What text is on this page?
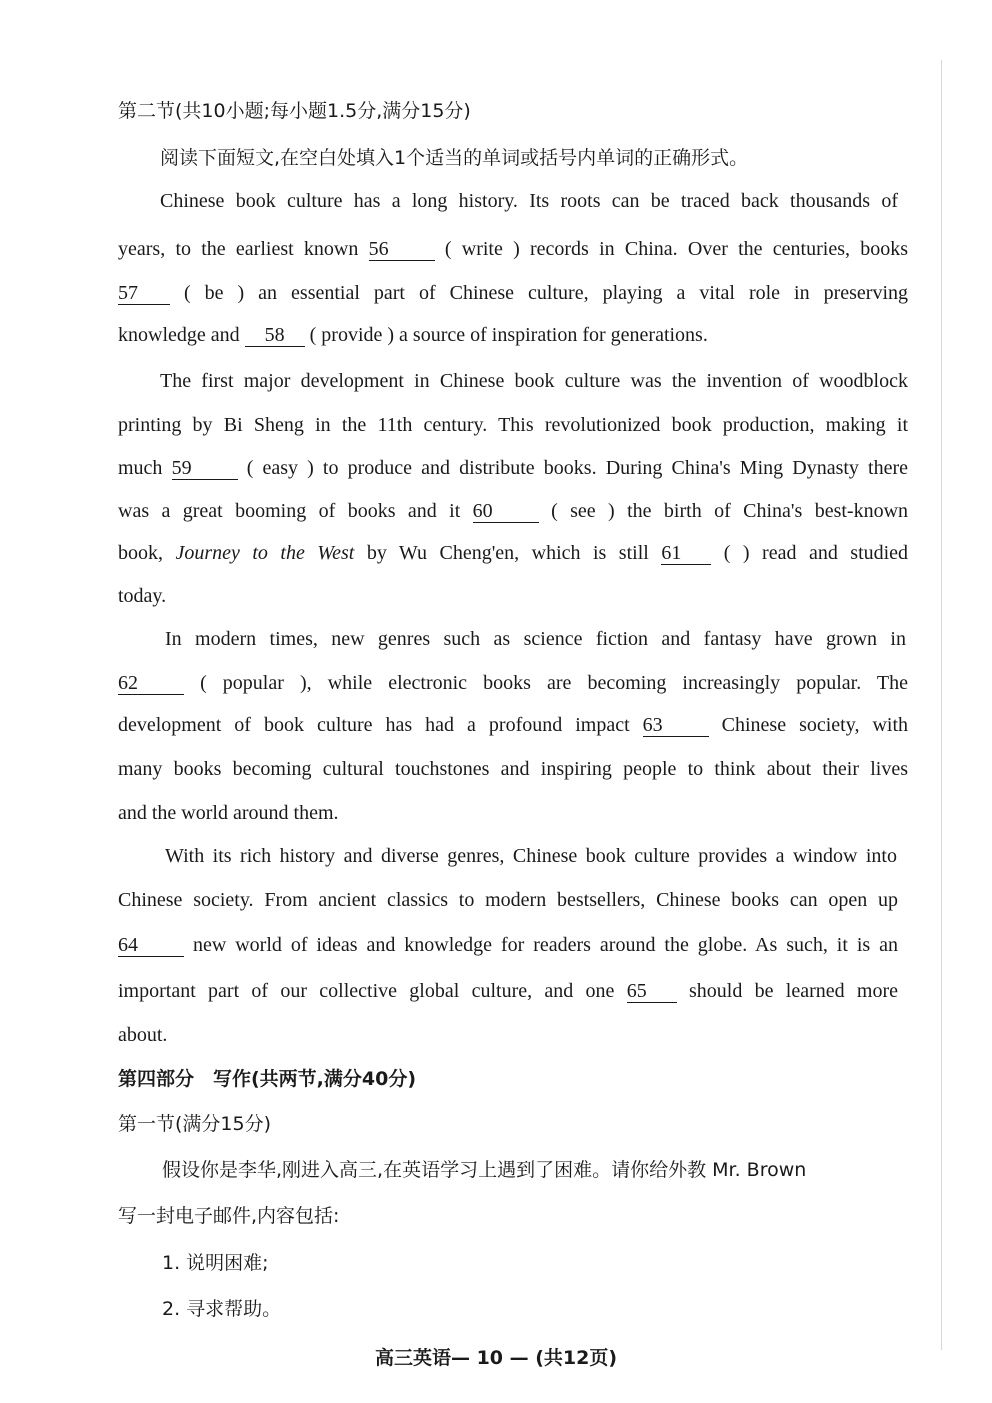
第二节(共10小题;每小题1.5分,满分15分)
阅读下面短文,在空白处填入1个适当的单词或括号内单词的正确形式。
Chinese book culture has a long history. Its roots can be traced back thousands of
years, to the earliest known 56	( write ) records in China. Over the centuries, books
57 ( be ) an essential part of Chinese culture, playing a vital role in preserving
knowledge and 58 ( provide ) a source of inspiration for generations.
The first major development in Chinese book culture was the invention of woodblock
printing by Bi Sheng in the 11th century. This revolutionized book production, making it
much 59	( easy ) to produce and distribute books. During China's Ming Dynasty there
was a great booming of books and it 60	( see ) the birth of China's best-known
book, Journey to the West by Wu Cheng'en, which is still 61 ( ) read and studied
today.
In modern times, new genres such as science fiction and fantasy have grown in
62	( popular ), while electronic books are becoming increasingly popular. The
development of book culture has had a profound impact 63	Chinese society, with
many books becoming cultural touchstones and inspiring people to think about their lives
and the world around them.
With its rich history and diverse genres, Chinese book culture provides a window into
Chinese society. From ancient classics to modern bestsellers, Chinese books can open up
64	new world of ideas and knowledge for readers around the globe. As such, it is an
important part of our collective global culture, and one 65 should be learned more
about.
第四部分　写作(共两节,满分40分)
第一节(满分15分)
假设你是李华,刚进入高三,在英语学习上遇到了困难。请你给外教 Mr. Brown
写一封电子邮件,内容包括:
1. 说明困难;
2. 寻求帮助。
高三英语— 10 — (共12页)
